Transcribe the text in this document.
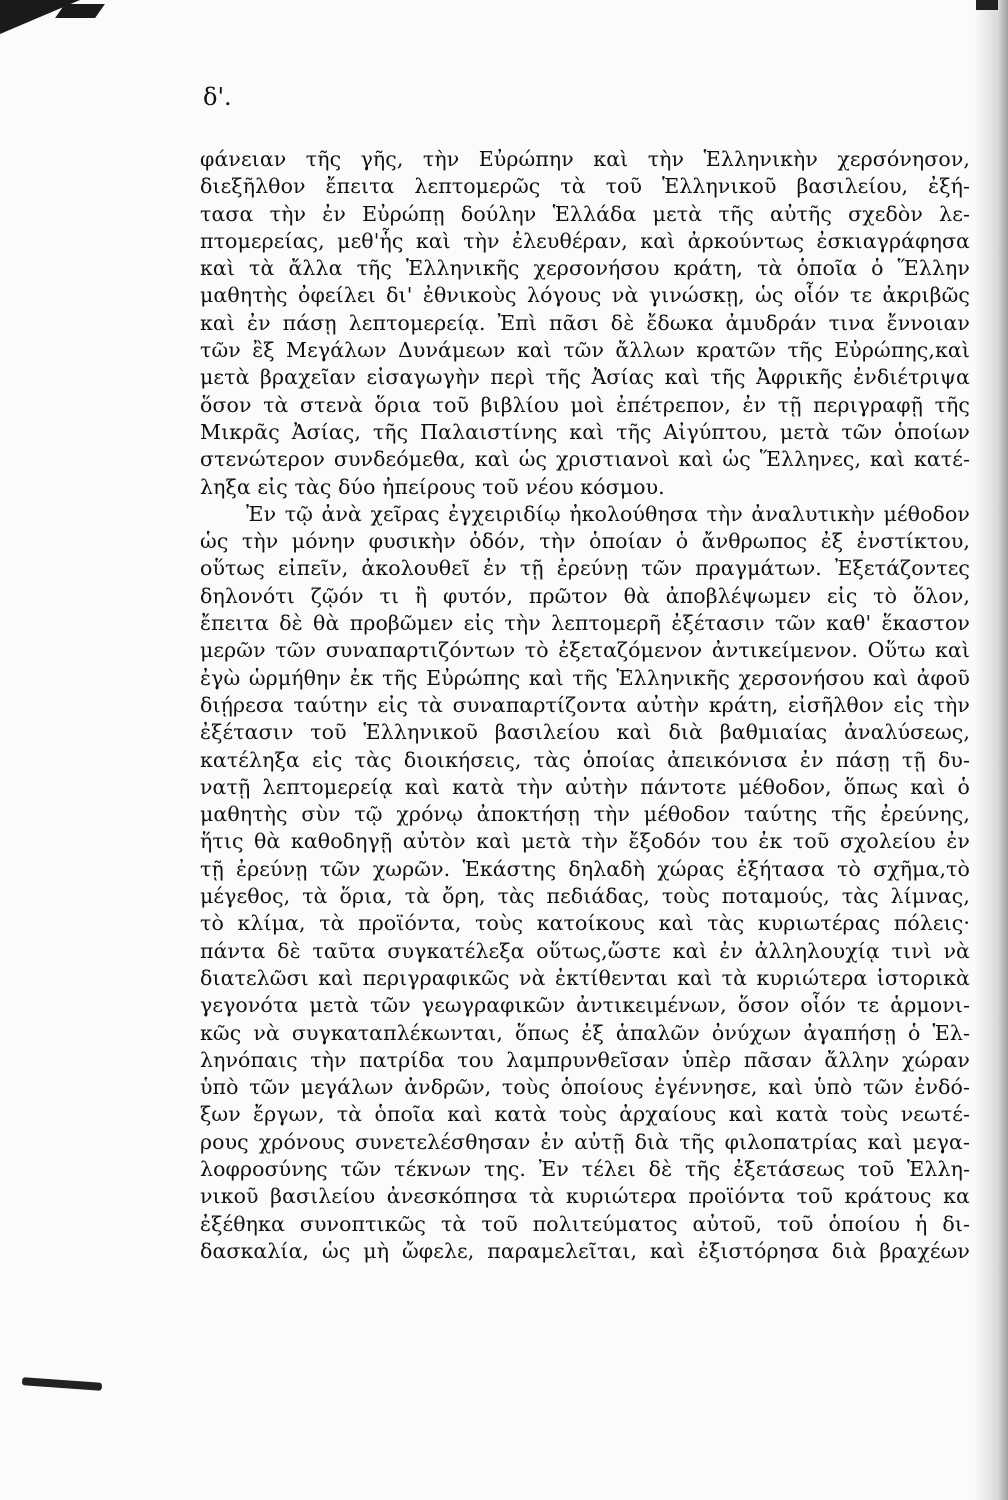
δ'.
φάνειαν τῆς γῆς, τὴν Εὐρώπην καὶ τὴν Ἑλληνικὴν χερσόνησον,
διεξῆλθον ἔπειτα λεπτομερῶς τὰ τοῦ Ἑλληνικοῦ βασιλείου, ἐξή-
τασα τὴν ἐν Εὐρώπῃ δούλην Ἑλλάδα μετὰ τῆς αὐτῆς σχεδὸν λε-
πτομερείας, μεθ'ἧς καὶ τὴν ἐλευθέραν, καὶ ἀρκούντως ἐσκιαγράφησα
καὶ τὰ ἄλλα τῆς Ἑλληνικῆς χερσονήσου κράτη, τὰ ὁποῖα ὁ Ἕλλην
μαθητὴς ὀφείλει δι' ἐθνικοὺς λόγους νὰ γινώσκῃ, ὡς οἷόν τε ἀκριβῶς
καὶ ἐν πάσῃ λεπτομερείᾳ. Ἐπὶ πᾶσι δὲ ἔδωκα ἀμυδράν τινα ἔννοιαν
τῶν ἒξ Μεγάλων Δυνάμεων καὶ τῶν ἄλλων κρατῶν τῆς Εὐρώπης,καὶ
μετὰ βραχεῖαν εἰσαγωγὴν περὶ τῆς Ἀσίας καὶ τῆς Ἀφρικῆς ἐνδιέτριψα
ὅσον τὰ στενὰ ὅρια τοῦ βιβλίου μοὶ ἐπέτρεπον, ἐν τῇ περιγραφῇ τῆς
Μικρᾶς Ἀσίας, τῆς Παλαιστίνης καὶ τῆς Αἰγύπτου, μετὰ τῶν ὁποίων
στενώτερον συνδεόμεθα, καὶ ὡς χριστιανοὶ καὶ ὡς Ἕλληνες, καὶ κατέ-
ληξα εἰς τὰς δύο ἠπείρους τοῦ νέου κόσμου.
Ἐν τῷ ἀνὰ χεῖρας ἐγχειριδίῳ ἠκολούθησα τὴν ἀναλυτικὴν μέθοδον
ὡς τὴν μόνην φυσικὴν ὁδόν, τὴν ὁποίαν ὁ ἄνθρωπος ἐξ ἐνστίκτου,
οὕτως εἰπεῖν, ἀκολουθεῖ ἐν τῇ ἐρεύνῃ τῶν πραγμάτων. Ἐξετάζοντες
δηλονότι ζῷόν τι ἢ φυτόν, πρῶτον θὰ ἀποβλέψωμεν εἰς τὸ ὅλον,
ἔπειτα δὲ θὰ προβῶμεν εἰς τὴν λεπτομερῆ ἐξέτασιν τῶν καθ' ἕκαστον
μερῶν τῶν συναπαρτιζόντων τὸ ἐξεταζόμενον ἀντικείμενον. Οὕτω καὶ
ἐγὼ ὡρμήθην ἐκ τῆς Εὐρώπης καὶ τῆς Ἑλληνικῆς χερσονήσου καὶ ἀφοῦ
διῄρεσα ταύτην εἰς τὰ συναπαρτίζοντα αὐτὴν κράτη, εἰσῆλθον εἰς τὴν
ἐξέτασιν τοῦ Ἑλληνικοῦ βασιλείου καὶ διὰ βαθμιαίας ἀναλύσεως,
κατέληξα εἰς τὰς διοικήσεις, τὰς ὁποίας ἀπεικόνισα ἐν πάσῃ τῇ δυ-
νατῇ λεπτομερείᾳ καὶ κατὰ τὴν αὐτὴν πάντοτε μέθοδον, ὅπως καὶ ὁ
μαθητὴς σὺν τῷ χρόνῳ ἀποκτήσῃ τὴν μέθοδον ταύτης τῆς ἐρεύνης,
ἥτις θὰ καθοδηγῇ αὐτὸν καὶ μετὰ τὴν ἔξοδόν του ἐκ τοῦ σχολείου ἐν
τῇ ἐρεύνῃ τῶν χωρῶν. Ἑκάστης δηλαδὴ χώρας ἐξήτασα τὸ σχῆμα,τὸ
μέγεθος, τὰ ὅρια, τὰ ὄρη, τὰς πεδιάδας, τοὺς ποταμούς, τὰς λίμνας,
τὸ κλίμα, τὰ προϊόντα, τοὺς κατοίκους καὶ τὰς κυριωτέρας πόλεις·
πάντα δὲ ταῦτα συγκατέλεξα οὕτως,ὥστε καὶ ἐν ἀλληλουχίᾳ τινὶ νὰ
διατελῶσι καὶ περιγραφικῶς νὰ ἐκτίθενται καὶ τὰ κυριώτερα ἱστορικὰ
γεγονότα μετὰ τῶν γεωγραφικῶν ἀντικειμένων, ὅσον οἷόν τε ἁρμονι-
κῶς νὰ συγκαταπλέκωνται, ὅπως ἐξ ἁπαλῶν ὀνύχων ἀγαπήσῃ ὁ Ἑλ-
ληνόπαις τὴν πατρίδα του λαμπρυνθεῖσαν ὑπὲρ πᾶσαν ἄλλην χώραν
ὑπὸ τῶν μεγάλων ἀνδρῶν, τοὺς ὁποίους ἐγέννησε, καὶ ὑπὸ τῶν ἐνδό-
ξων ἔργων, τὰ ὁποῖα καὶ κατὰ τοὺς ἀρχαίους καὶ κατὰ τοὺς νεωτέ-
ρους χρόνους συνετελέσθησαν ἐν αὐτῇ διὰ τῆς φιλοπατρίας καὶ μεγα-
λοφροσύνης τῶν τέκνων της. Ἐν τέλει δὲ τῆς ἐξετάσεως τοῦ Ἑλλη-
νικοῦ βασιλείου ἀνεσκόπησα τὰ κυριώτερα προϊόντα τοῦ κράτους κα
ἐξέθηκα συνοπτικῶς τὰ τοῦ πολιτεύματος αὐτοῦ, τοῦ ὁποίου ἡ δι-
δασκαλία, ὡς μὴ ὤφελε, παραμελεῖται, καὶ ἐξιστόρησα διὰ βραχέων
